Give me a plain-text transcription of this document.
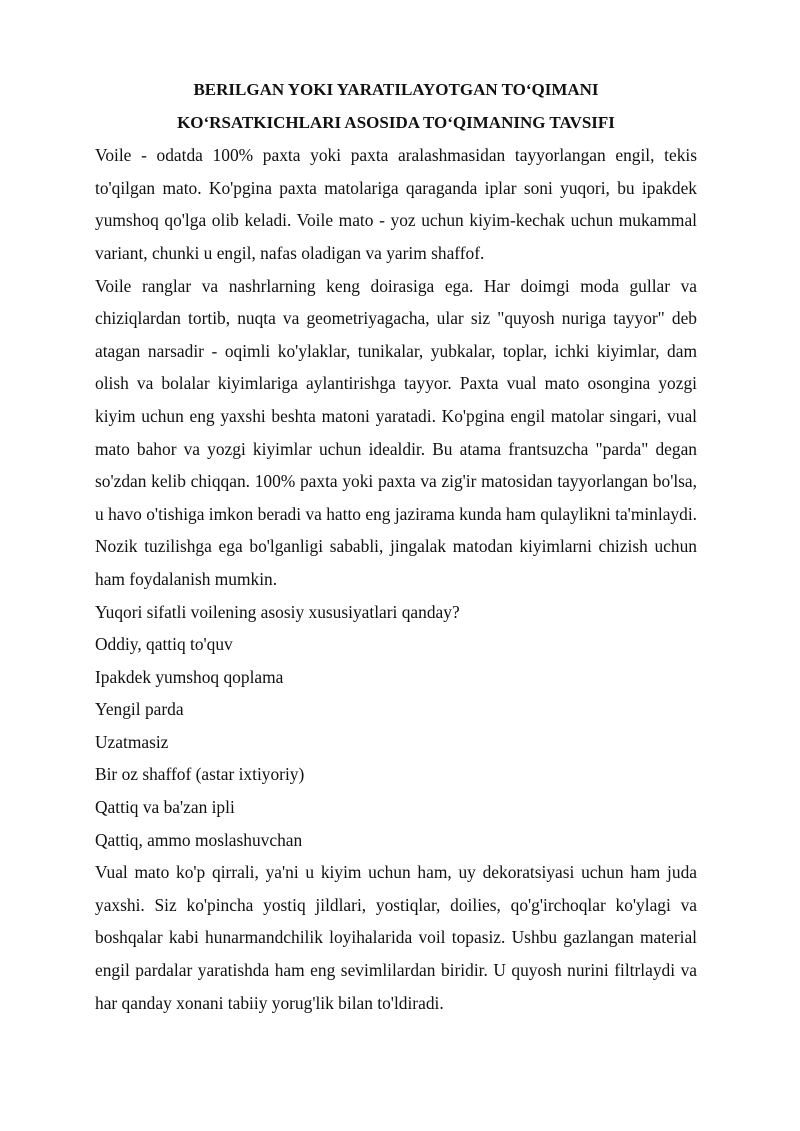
BERILGAN YOKI YARATILAYOTGAN TO‘QIMANI
KO‘RSATKICHLARI ASOSIDA TO‘QIMANING TAVSIFI

Voile - odatda 100% paxta yoki paxta aralashmasidan tayyorlangan engil, tekis to'qilgan mato. Ko'pgina paxta matolariga qaraganda iplar soni yuqori, bu ipakdek yumshoq qo'lga olib keladi. Voile mato - yoz uchun kiyim-kechak uchun mukammal variant, chunki u engil, nafas oladigan va yarim shaffof.

Voile ranglar va nashrlarning keng doirasiga ega. Har doimgi moda gullar va chiziqlardan tortib, nuqta va geometriyagacha, ular siz "quyosh nuriga tayyor" deb atagan narsadir - oqimli ko'ylaklar, tunikalar, yubkalar, toplar, ichki kiyimlar, dam olish va bolalar kiyimlariga aylantirishga tayyor. Paxta vual mato osongina yozgi kiyim uchun eng yaxshi beshta matoni yaratadi. Ko'pgina engil matolar singari, vual mato bahor va yozgi kiyimlar uchun idealdir. Bu atama frantsuzcha "parda" degan so'zdan kelib chiqqan. 100% paxta yoki paxta va zig'ir matosidan tayyorlangan bo'lsa, u havo o'tishiga imkon beradi va hatto eng jazirama kunda ham qulaylikni ta'minlaydi. Nozik tuzilishga ega bo'lganligi sababli, jingalak matodan kiyimlarni chizish uchun ham foydalanish mumkin.

Yuqori sifatli voilening asosiy xususiyatlari qanday?

Oddiy, qattiq to'quv
Ipakdek yumshoq qoplama
Yengil parda
Uzatmasiz
Bir oz shaffof (astar ixtiyoriy)
Qattiq va ba'zan ipli
Qattiq, ammo moslashuvchan

Vual mato ko'p qirrali, ya'ni u kiyim uchun ham, uy dekoratsiyasi uchun ham juda yaxshi. Siz ko'pincha yostiq jildlari, yostiqlar, doilies, qo'g'irchoqlar ko'ylagi va boshqalar kabi hunarmandchilik loyihalarida voil topasiz. Ushbu gazlangan material engil pardalar yaratishda ham eng sevimlilardan biridir. U quyosh nurini filtrlaydi va har qanday xonani tabiiy yorug'lik bilan to'ldiradi.
